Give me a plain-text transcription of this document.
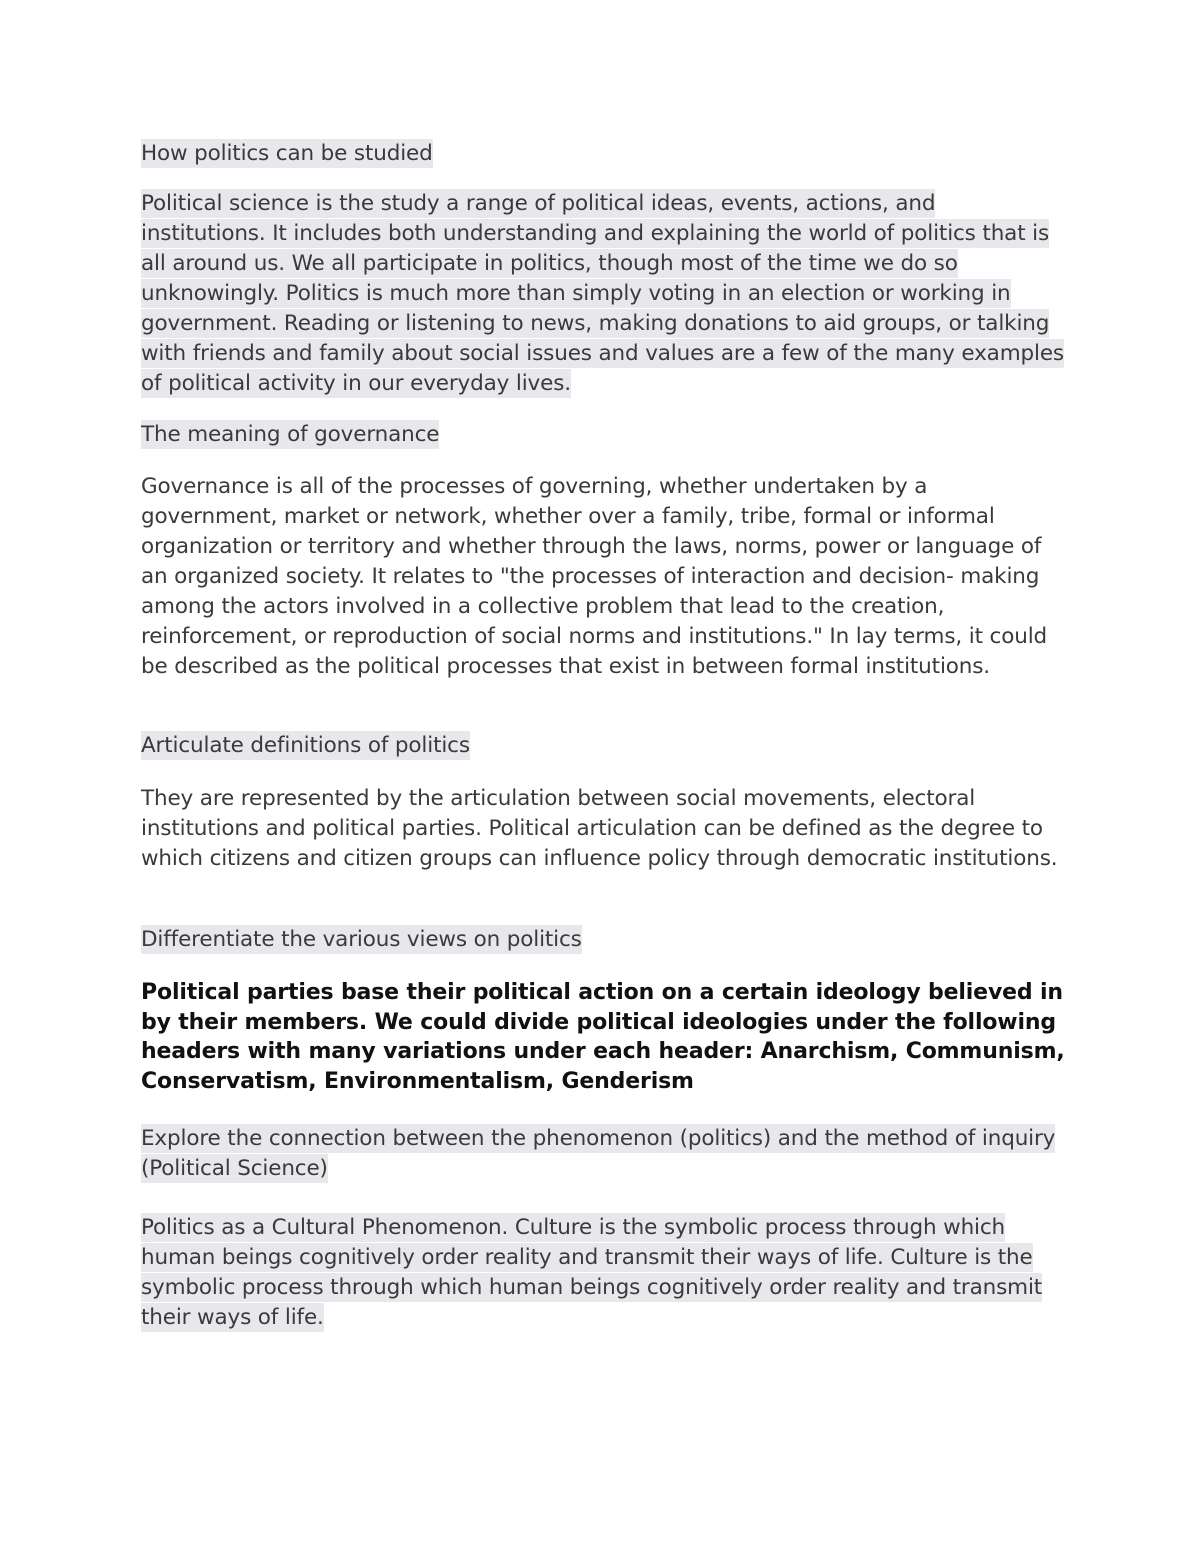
How politics can be studied

Political science is the study a range of political ideas, events, actions, and institutions. It includes both understanding and explaining the world of politics that is all around us. We all participate in politics, though most of the time we do so unknowingly. Politics is much more than simply voting in an election or working in government. Reading or listening to news, making donations to aid groups, or talking with friends and family about social issues and values are a few of the many examples of political activity in our everyday lives.

The meaning of governance

Governance is all of the processes of governing, whether undertaken by a government, market or network, whether over a family, tribe, formal or informal organization or territory and whether through the laws, norms, power or language of an organized society. It relates to "the processes of interaction and decision- making among the actors involved in a collective problem that lead to the creation, reinforcement, or reproduction of social norms and institutions." In lay terms, it could be described as the political processes that exist in between formal institutions.

Articulate definitions of politics

They are represented by the articulation between social movements, electoral institutions and political parties. Political articulation can be defined as the degree to which citizens and citizen groups can influence policy through democratic institutions.

Differentiate the various views on politics

Political parties base their political action on a certain ideology believed in by their members. We could divide political ideologies under the following headers with many variations under each header: Anarchism, Communism, Conservatism, Environmentalism, Genderism

Explore the connection between the phenomenon (politics) and the method of inquiry (Political Science)

Politics as a Cultural Phenomenon. Culture is the symbolic process through which human beings cognitively order reality and transmit their ways of life. Culture is the symbolic process through which human beings cognitively order reality and transmit their ways of life.
